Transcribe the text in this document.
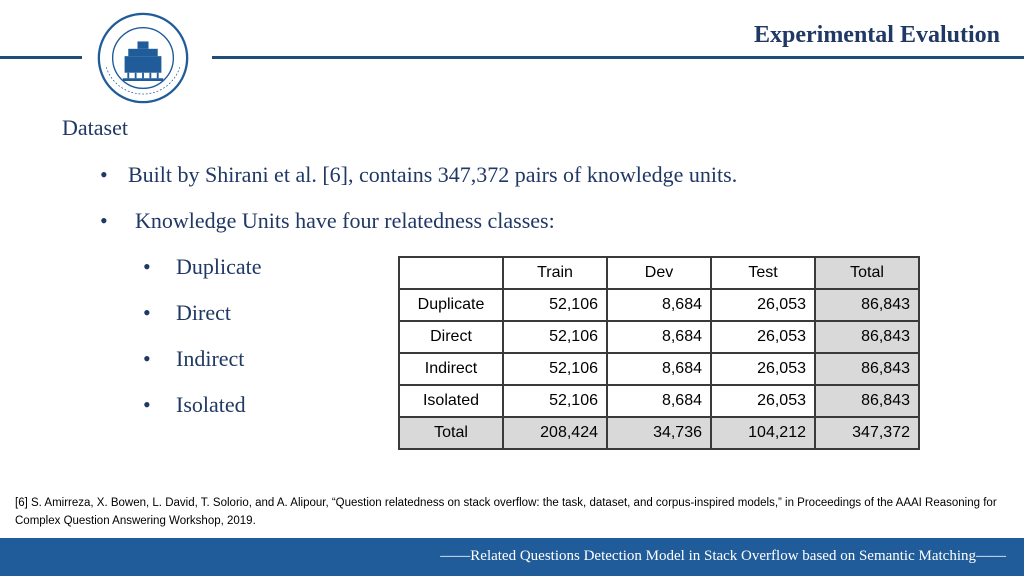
Experimental Evalution
Dataset
• Built by Shirani et al. [6], contains 347,372 pairs of knowledge units.
• Knowledge Units have four relatedness classes:
• Duplicate
• Direct
• Indirect
• Isolated
	Train	Dev	Test	Total
Duplicate	52,106	8,684	26,053	86,843
Direct	52,106	8,684	26,053	86,843
Indirect	52,106	8,684	26,053	86,843
Isolated	52,106	8,684	26,053	86,843
Total	208,424	34,736	104,212	347,372
[6] S. Amirreza, X. Bowen, L. David, T. Solorio, and A. Alipour, “Question relatedness on stack overflow: the task, dataset, and corpus-inspired models,” in Proceedings of the AAAI Reasoning for Complex Question Answering Workshop, 2019.
——Related Questions Detection Model in Stack Overflow based on Semantic Matching——
